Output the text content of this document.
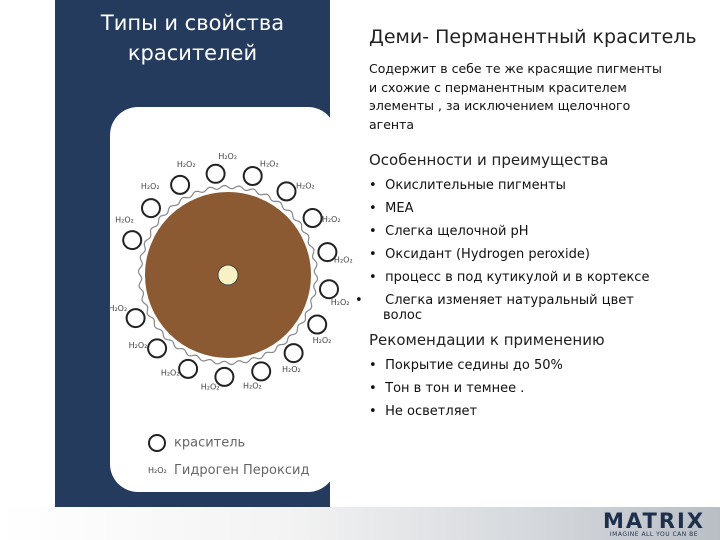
Типы и свойства красителей
H₂O₂
H₂O₂
H₂O₂
H₂O₂
H₂O₂
H₂O₂
H₂O₂
H₂O₂
H₂O₂
H₂O₂
H₂O₂
H₂O₂
H₂O₂
H₂O₂
H₂O₂
H₂O₂
краситель
H₂O₂ Гидроген Пероксид
Деми- Перманентный краситель
Содержит в себе те же красящие пигменты и схожие с перманентным красителем элементы , за исключением щелочного агента
Особенности и преимущества
• Окислительные пигменты
• MEA
• Слегка щелочной pH
• Оксидант (Hydrogen peroxide)
• процесс в под кутикулой и в кортексе
• Слегка изменяет натуральный цвет волос
Рекомендации к применению
• Покрытие седины до 50%
• Тон в тон и темнее .
• Не осветляет
MATRIX
IMAGINE ALL YOU CAN BE
